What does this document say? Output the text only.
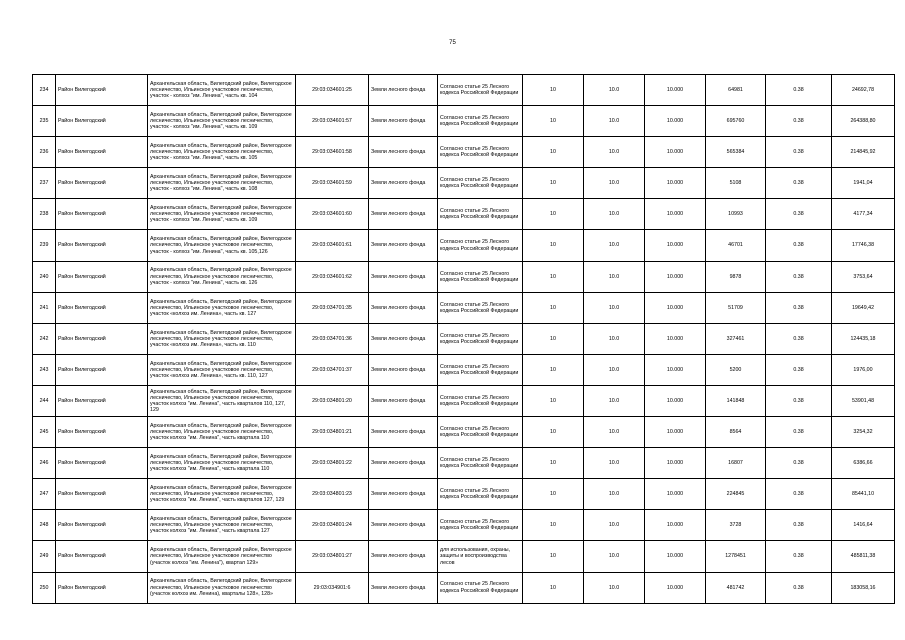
75
234	Район Вилегодский	Архангельская область, Вилегодский район, Вилегодское лесничество, Ильинское участковое лесничество, участок - колхоз "им. Ленина", часть кв. 104	29:03:034601:25	Земли лесного фонда	Согласно статье 25 Лесного кодекса Российской Федерации	10	10.0	10.000	64981	0.38	24692,78
235	Район Вилегодский	Архангельская область, Вилегодский район, Вилегодское лесничество, Ильинское участковое лесничество, участок - колхоз "им. Ленина", часть кв. 109	29:03:034601:57	Земли лесного фонда	Согласно статье 25 Лесного кодекса Российской Федерации	10	10.0	10.000	695760	0.38	264388,80
236	Район Вилегодский	Архангельская область, Вилегодский район, Вилегодское лесничество, Ильинское участковое лесничество, участок - колхоз "им. Ленина", часть кв. 105	29:03:034601:58	Земли лесного фонда	Согласно статье 25 Лесного кодекса Российской Федерации	10	10.0	10.000	565384	0.38	214845,92
237	Район Вилегодский	Архангельская область, Вилегодский район, Вилегодское лесничество, Ильинское участковое лесничество, участок - колхоз "им. Ленина", часть кв. 108	29:03:034601:59	Земли лесного фонда	Согласно статье 25 Лесного кодекса Российской Федерации	10	10.0	10.000	5108	0.38	1941,04
238	Район Вилегодский	Архангельская область, Вилегодский район, Вилегодское лесничество, Ильинское участковое лесничество, участок - колхоз "им. Ленина", часть кв. 109	29:03:034601:60	Земли лесного фонда	Согласно статье 25 Лесного кодекса Российской Федерации	10	10.0	10.000	10993	0.38	4177,34
239	Район Вилегодский	Архангельская область, Вилегодский район, Вилегодское лесничество, Ильинское участковое лесничество, участок - колхоз "им. Ленина", часть кв. 105,126	29:03:034601:61	Земли лесного фонда	Согласно статье 25 Лесного кодекса Российской Федерации	10	10.0	10.000	46701	0.38	17746,38
240	Район Вилегодский	Архангельская область, Вилегодский район, Вилегодское лесничество, Ильинское участковое лесничество, участок - колхоз "им. Ленина", часть кв. 126	29:03:034601:62	Земли лесного фонда	Согласно статье 25 Лесного кодекса Российской Федерации	10	10.0	10.000	9878	0.38	3753,64
241	Район Вилегодский	Архангельская область, Вилегодский район, Вилегодское лесничество, Ильинское участковое лесничество, участок «колхоз им. Ленина», часть кв. 127	29:03:034701:35	Земли лесного фонда	Согласно статье 25 Лесного кодекса Российской Федерации	10	10.0	10.000	51709	0.38	19649,42
242	Район Вилегодский	Архангельская область, Вилегодский район, Вилегодское лесничество, Ильинское участковое лесничество, участок «колхоз им. Ленина», часть кв. 110	29:03:034701:36	Земли лесного фонда	Согласно статье 25 Лесного кодекса Российской Федерации	10	10.0	10.000	327461	0.38	124435,18
243	Район Вилегодский	Архангельская область, Вилегодский район, Вилегодское лесничество, Ильинское участковое лесничество, участок «колхоз им. Ленина», часть кв. 110, 127	29:03:034701:37	Земли лесного фонда	Согласно статье 25 Лесного кодекса Российской Федерации	10	10.0	10.000	5200	0.38	1976,00
244	Район Вилегодский	Архангельская область, Вилегодский район, Вилегодское лесничество, Ильинское участковое лесничество, участок колхоз "им. Ленина", часть кварталов 110, 127, 129	29:03:034801:20	Земли лесного фонда	Согласно статье 25 Лесного кодекса Российской Федерации	10	10.0	10.000	141848	0.38	53901,48
245	Район Вилегодский	Архангельская область, Вилегодский район, Вилегодское лесничество, Ильинское участковое лесничество, участок колхоз "им. Ленина", часть квартала 110	29:03:034801:21	Земли лесного фонда	Согласно статье 25 Лесного кодекса Российской Федерации	10	10.0	10.000	8564	0.38	3254,32
246	Район Вилегодский	Архангельская область, Вилегодский район, Вилегодское лесничество, Ильинское участковое лесничество, участок колхоз "им. Ленина", часть квартала 110	29:03:034801:22	Земли лесного фонда	Согласно статье 25 Лесного кодекса Российской Федерации	10	10.0	10.000	16807	0.38	6386,66
247	Район Вилегодский	Архангельская область, Вилегодский район, Вилегодское лесничество, Ильинское участковое лесничество, участок колхоз "им. Ленина", часть кварталов 127, 129	29:03:034801:23	Земли лесного фонда	Согласно статье 25 Лесного кодекса Российской Федерации	10	10.0	10.000	224845	0.38	85441,10
248	Район Вилегодский	Архангельская область, Вилегодский район, Вилегодское лесничество, Ильинское участковое лесничество, участок колхоз "им. Ленина", часть квартала 127	29:03:034801:24	Земли лесного фонда	Согласно статье 25 Лесного кодекса Российской Федерации	10	10.0	10.000	3728	0.38	1416,64
249	Район Вилегодский	Архангельская область, Вилегодский район, Вилегодское лесничество, Ильинское участковое лесничество (участок колхоз "им. Ленина"), квартал 129»	29:03:034801:27	Земли лесного фонда	для использования, охраны, защиты и воспроизводства лесов	10	10.0	10.000	1278451	0.38	485811,38
250	Район Вилегодский	Архангельская область, Вилегодский район, Вилегодское лесничество, Ильинское участковое лесничество (участок колхоз им. Ленина), кварталы 128», 128»	29:03:034901:6	Земли лесного фонда	Согласно статье 25 Лесного кодекса Российской Федерации	10	10.0	10.000	481742	0.38	183058,16
